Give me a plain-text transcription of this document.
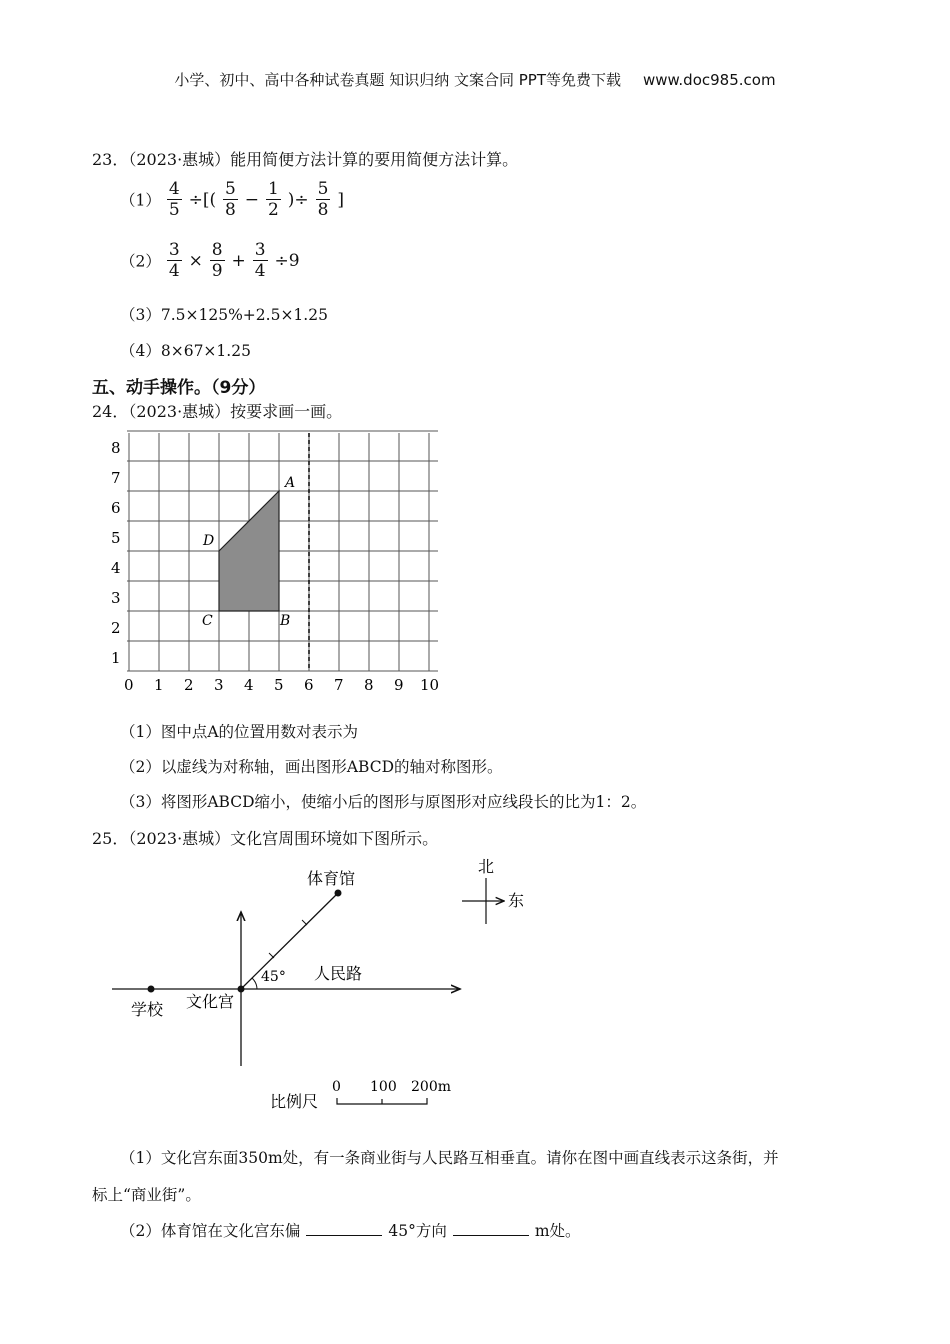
小学、初中、高中各种试卷真题 知识归纳 文案合同 PPT等免费下载 www.doc985.com
23．（2023·惠城）能用简便方法计算的要用简便方法计算。
$(1) \frac{4}{5}$ ÷[( $\frac{5}{8} - \frac{1}{2}$ )÷ $\frac{5}{8}$ ]
$(2) \frac{3}{4} \times \frac{8}{9} + \frac{3}{4} \div 9$
（3）7.5×125%+2.5×1.25
（4）8×67×1.25
五、动手操作。（9分）
24．（2023·惠城）按要求画一画。
8
7
6
5
4
3
2
1
0 1 2 3 4 5 6 7 8 9 10
A
B
C
D
（1）图中点A的位置用数对表示为
（2）以虚线为对称轴，画出图形ABCD的轴对称图形。
（3）将图形ABCD缩小，使缩小后的图形与原图形对应线段长的比为1：2。
25．（2023·惠城）文化宫周围环境如下图所示。
体育馆
人民路
学校 文化宫
45°
北
东
比例尺
0 100 200m
（1）文化宫东面350m处，有一条商业街与人民路互相垂直。请你在图中画直线表示这条街，并
标上“商业街”。
（2）体育馆在文化宫东偏	45°方向	m处。
